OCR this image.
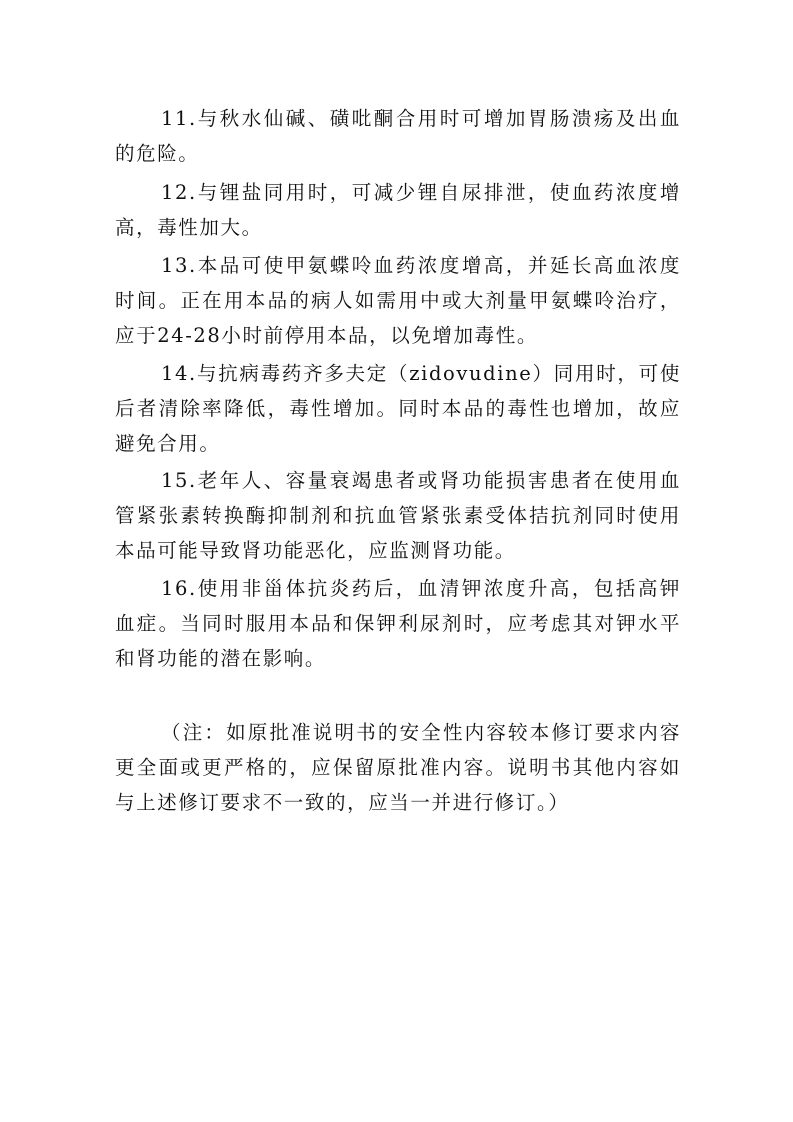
11.与秋水仙碱、磺吡酮合用时可增加胃肠溃疡及出血的危险。

12.与锂盐同用时，可减少锂自尿排泄，使血药浓度增高，毒性加大。

13.本品可使甲氨蝶呤血药浓度增高，并延长高血浓度时间。正在用本品的病人如需用中或大剂量甲氨蝶呤治疗，应于24-28小时前停用本品，以免增加毒性。

14.与抗病毒药齐多夫定（zidovudine）同用时，可使后者清除率降低，毒性增加。同时本品的毒性也增加，故应避免合用。

15.老年人、容量衰竭患者或肾功能损害患者在使用血管紧张素转换酶抑制剂和抗血管紧张素受体拮抗剂同时使用本品可能导致肾功能恶化，应监测肾功能。

16.使用非甾体抗炎药后，血清钾浓度升高，包括高钾血症。当同时服用本品和保钾利尿剂时，应考虑其对钾水平和肾功能的潜在影响。

（注：如原批准说明书的安全性内容较本修订要求内容更全面或更严格的，应保留原批准内容。说明书其他内容如与上述修订要求不一致的，应当一并进行修订。）
